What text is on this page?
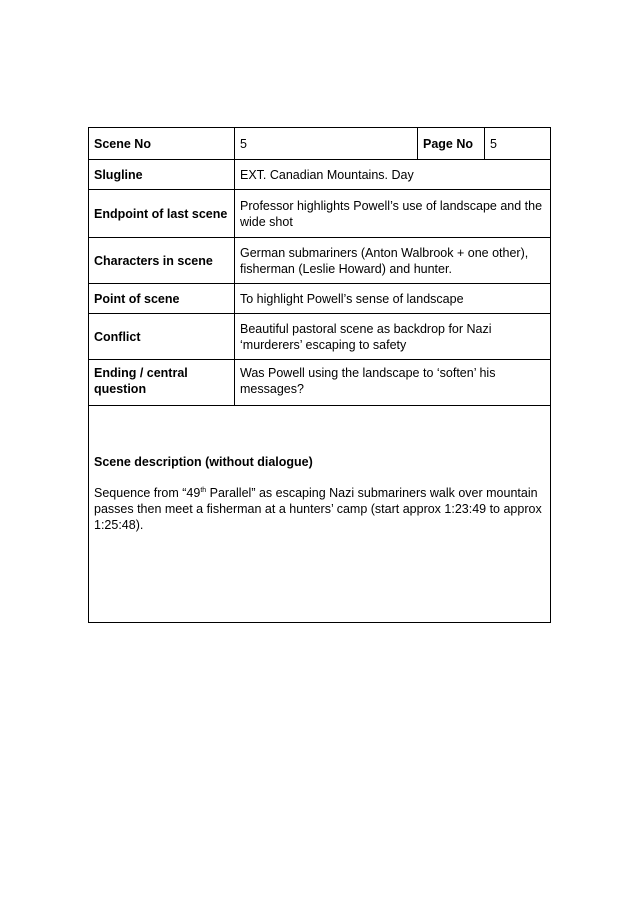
Scene No	5	Page No	5
Slugline	EXT. Canadian Mountains. Day		
Endpoint of last scene	Professor highlights Powell’s use of landscape and the wide shot		
Characters in scene	German submariners (Anton Walbrook + one other), fisherman (Leslie Howard) and hunter.		
Point of scene	To highlight Powell’s sense of landscape		
Conflict	Beautiful pastoral scene as backdrop for Nazi ‘murderers’ escaping to safety		
Ending / central question	Was Powell using the landscape to ‘soften’ his messages?		

Scene description (without dialogue)

Sequence from “49th Parallel” as escaping Nazi submariners walk over mountain passes then meet a fisherman at a hunters’ camp (start approx 1:23:49 to approx 1:25:48).			
